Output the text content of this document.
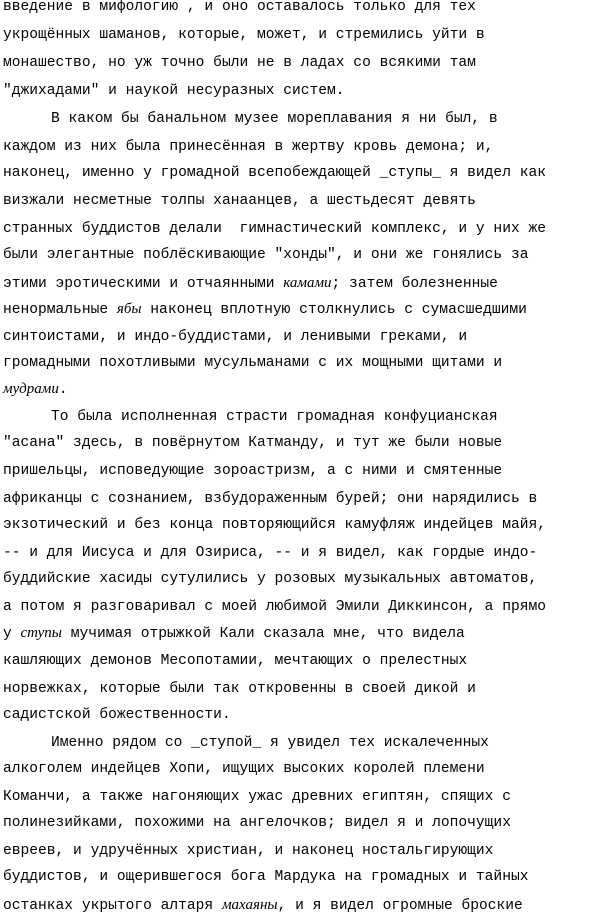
введение в мифологию , и оно оставалось только для тех
укрощённых шаманов, которые, может, и стремились уйти в
монашество, но уж точно были не в ладах со всякими там
"джихадами" и наукой несуразных систем.
В каком бы банальном музее мореплавания я ни был, в
каждом из них была принесённая в жертву кровь демона; и,
наконец, именно у громадной всепобеждающей _ступы_ я видел как
визжали несметные толпы ханаанцев, а шестьдесят девять
странных буддистов делали  гимнастический комплекс, и у них же
были элегантные поблёскивающие "хонды", и они же гонялись за
этими эротическими и отчаянными камами; затем болезненные
ненормальные ябы наконец вплотную столкнулись с сумасшедшими
синтоистами, и индо-буддистами, и ленивыми греками, и
громадными похотливыми мусульманами с их мощными щитами и
мудрами.
То была исполненная страсти громадная конфуцианская
"асана" здесь, в повёрнутом Катманду, и тут же были новые
пришельцы, исповедующие зороастризм, а с ними и смятенные
африканцы с сознанием, взбудораженным бурей; они нарядились в
экзотический и без конца повторяющийся камуфляж индейцев майя,
-- и для Иисуса и для Озириса, -- и я видел, как гордые индо-
буддийские хасиды сутулились у розовых музыкальных автоматов,
а потом я разговаривал с моей любимой Эмили Диккинсон, а прямо
у ступы мучимая отрыжкой Кали сказала мне, что видела
кашляющих демонов Месопотамии, мечтающих о прелестных
норвежках, которые были так откровенны в своей дикой и
садистской божественности.
Именно рядом со _ступой_ я увидел тех искалеченных
алкоголем индейцев Хопи, ищущих высоких королей племени
Команчи, а также нагоняющих ужас древних египтян, спящих с
полинезийками, похожими на ангелочков; видел я и лопочущих
евреев, и удручённых христиан, и наконец ностальгирующих
буддистов, и ощерившегося бога Мардука на громадных и тайных
останках укрытого алтаря махаяны, и я видел огромные броские
